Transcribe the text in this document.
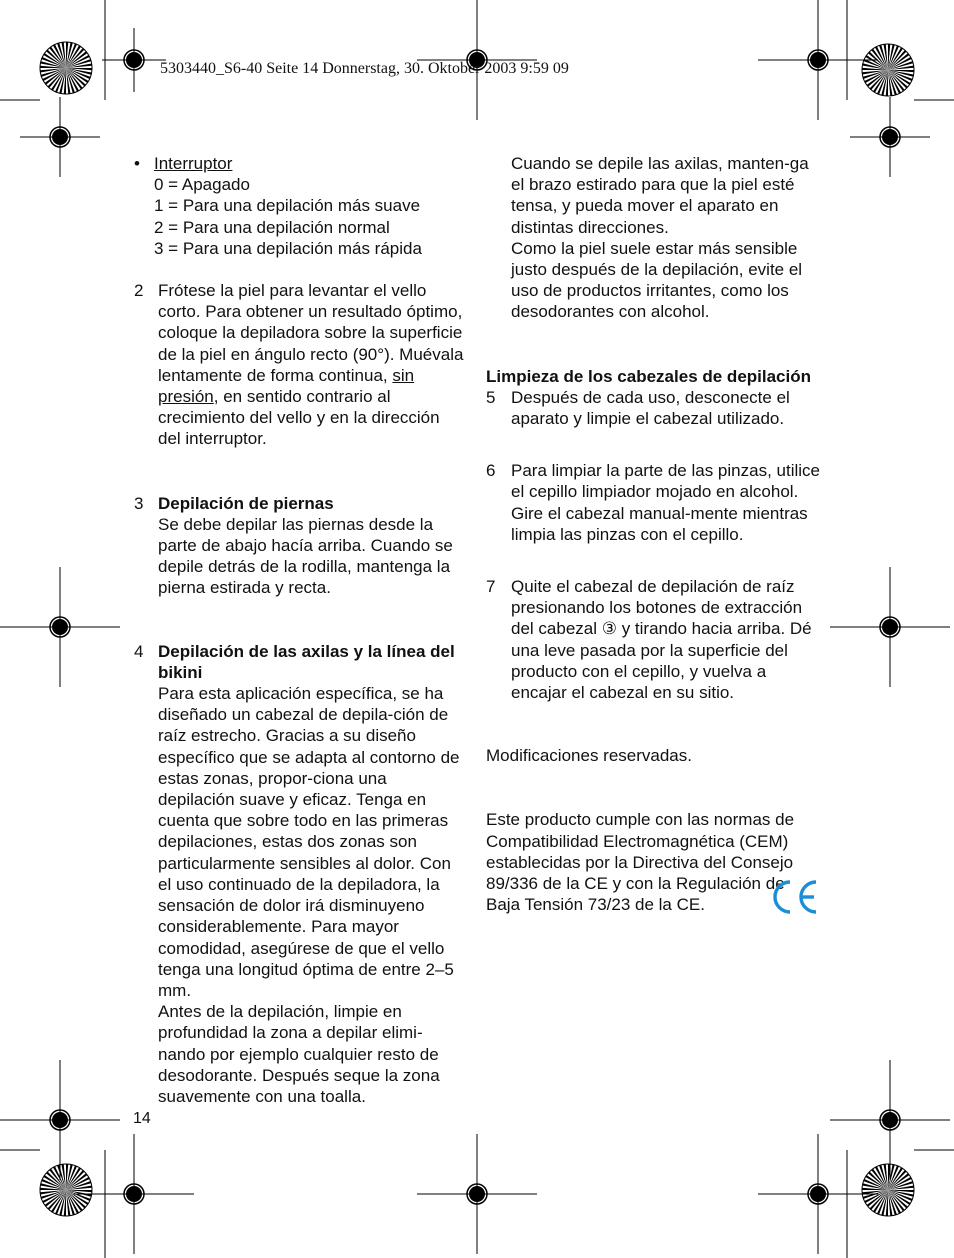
5303440_S6-40 Seite 14 Donnerstag, 30. Oktober 2003 9:59 09
• Interruptor

0 = Apagado

1 = Para una depilación más suave

2 = Para una depilación normal

3 = Para una depilación más rápida

2 Frótese la piel para levantar el vello corto. Para obtener un resultado óptimo, coloque la depiladora sobre la superficie de la piel en ángulo recto (90°). Muévala lentamente de forma continua, sin presión, en sentido contrario al crecimiento del vello y en la dirección del interruptor.

3 Depilación de piernas

Se debe depilar las piernas desde la parte de abajo hacía arriba. Cuando se depile detrás de la rodilla, mantenga la pierna estirada y recta.

4 Depilación de las axilas y la línea del bikini

Para esta aplicación específica, se ha diseñado un cabezal de depila-ción de raíz estrecho. Gracias a su diseño específico que se adapta al contorno de estas zonas, propor-ciona una depilación suave y eficaz. Tenga en cuenta que sobre todo en las primeras depilaciones, estas dos zonas son particularmente sensibles al dolor. Con el uso continuado de la depiladora, la sensación de dolor irá disminuyeno considerablemente. Para mayor comodidad, asegúrese de que el vello tenga una longitud óptima de entre 2–5 mm.

Antes de la depilación, limpie en profundidad la zona a depilar elimi-nando por ejemplo cualquier resto de desodorante. Después seque la zona suavemente con una toalla.

Cuando se depile las axilas, manten-ga el brazo estirado para que la piel esté tensa, y pueda mover el aparato en distintas direcciones.

Como la piel suele estar más sensible justo después de la depilación, evite el uso de productos irritantes, como los desodorantes con alcohol.

Limpieza de los cabezales de depilación

5 Después de cada uso, desconecte el aparato y limpie el cabezal utilizado.

6 Para limpiar la parte de las pinzas, utilice el cepillo limpiador mojado en alcohol. Gire el cabezal manual-mente mientras limpia las pinzas con el cepillo.

7 Quite el cabezal de depilación de raíz presionando los botones de extracción del cabezal ③ y tirando hacia arriba. Dé una leve pasada por la superficie del producto con el cepillo, y vuelva a encajar el cabezal en su sitio.

Modificaciones reservadas.

Este producto cumple con las normas de Compatibilidad Electromagnética (CEM) establecidas por la Directiva del Consejo 89/336 de la CE y con la Regulación de Baja Tensión 73/23 de la CE.

14
